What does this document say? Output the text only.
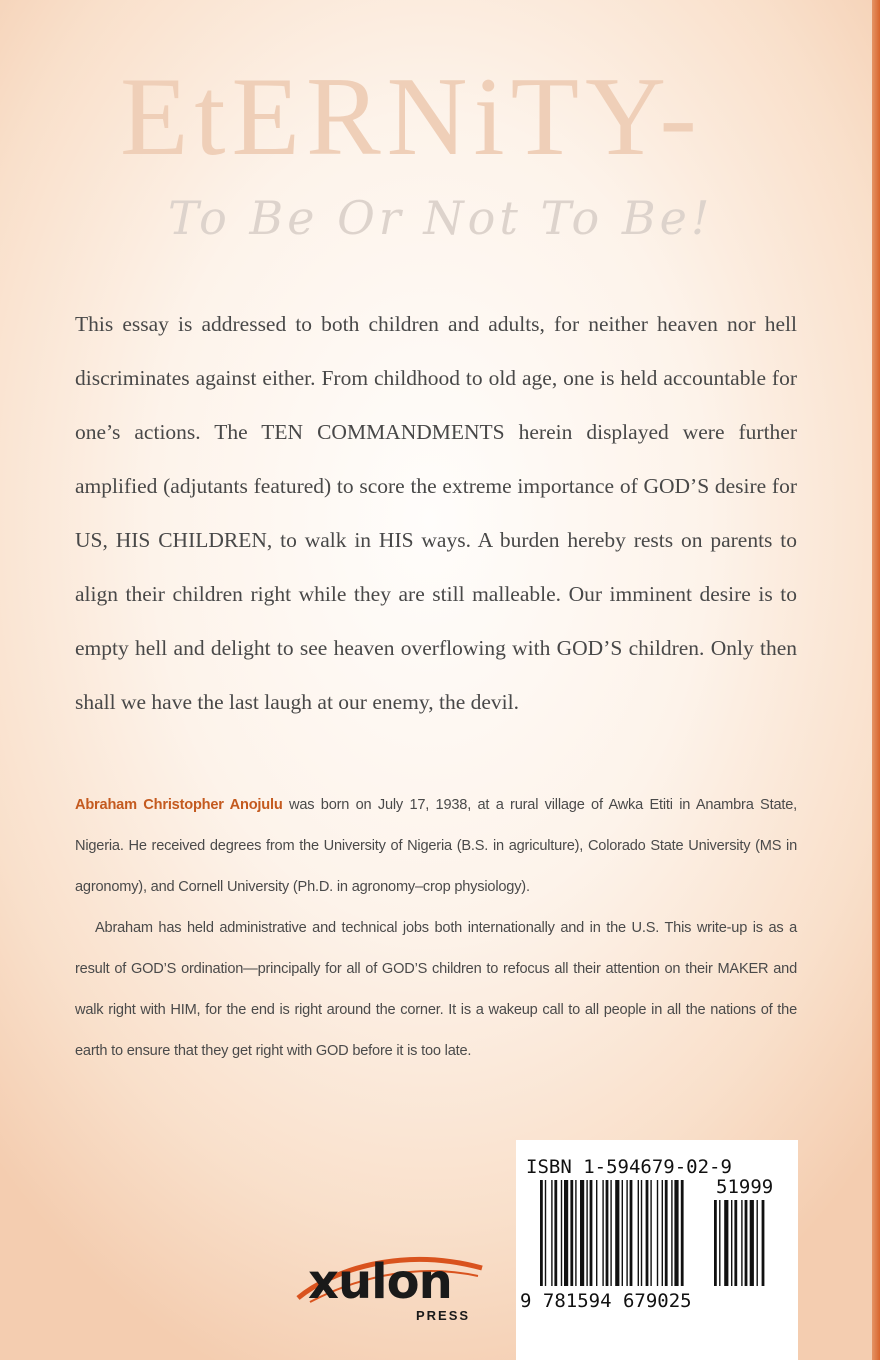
EtERNiTY-
To Be Or Not To Be!

This essay is addressed to both children and adults, for neither heaven nor hell discriminates against either. From childhood to old age, one is held accountable for one’s actions. The TEN COMMANDMENTS herein displayed were further amplified (adjutants featured) to score the extreme importance of GOD’S desire for US, HIS CHILDREN, to walk in HIS ways. A burden hereby rests on parents to align their children right while they are still malleable. Our imminent desire is to empty hell and delight to see heaven overflowing with GOD’S children. Only then shall we have the last laugh at our enemy, the devil.

Abraham Christopher Anojulu was born on July 17, 1938, at a rural village of Awka Etiti in Anambra State, Nigeria. He received degrees from the University of Nigeria (B.S. in agriculture), Colorado State University (MS in agronomy), and Cornell University (Ph.D. in agronomy–crop physiology).

Abraham has held administrative and technical jobs both internationally and in the U.S. This write-up is as a result of GOD’S ordination—principally for all of GOD’S children to refocus all their attention on their MAKER and walk right with HIM, for the end is right around the corner. It is a wakeup call to all people in all the nations of the earth to ensure that they get right with GOD before it is too late.

xulon
PRESS
ISBN 1-594679-02-9
51999
9 781594 679025
